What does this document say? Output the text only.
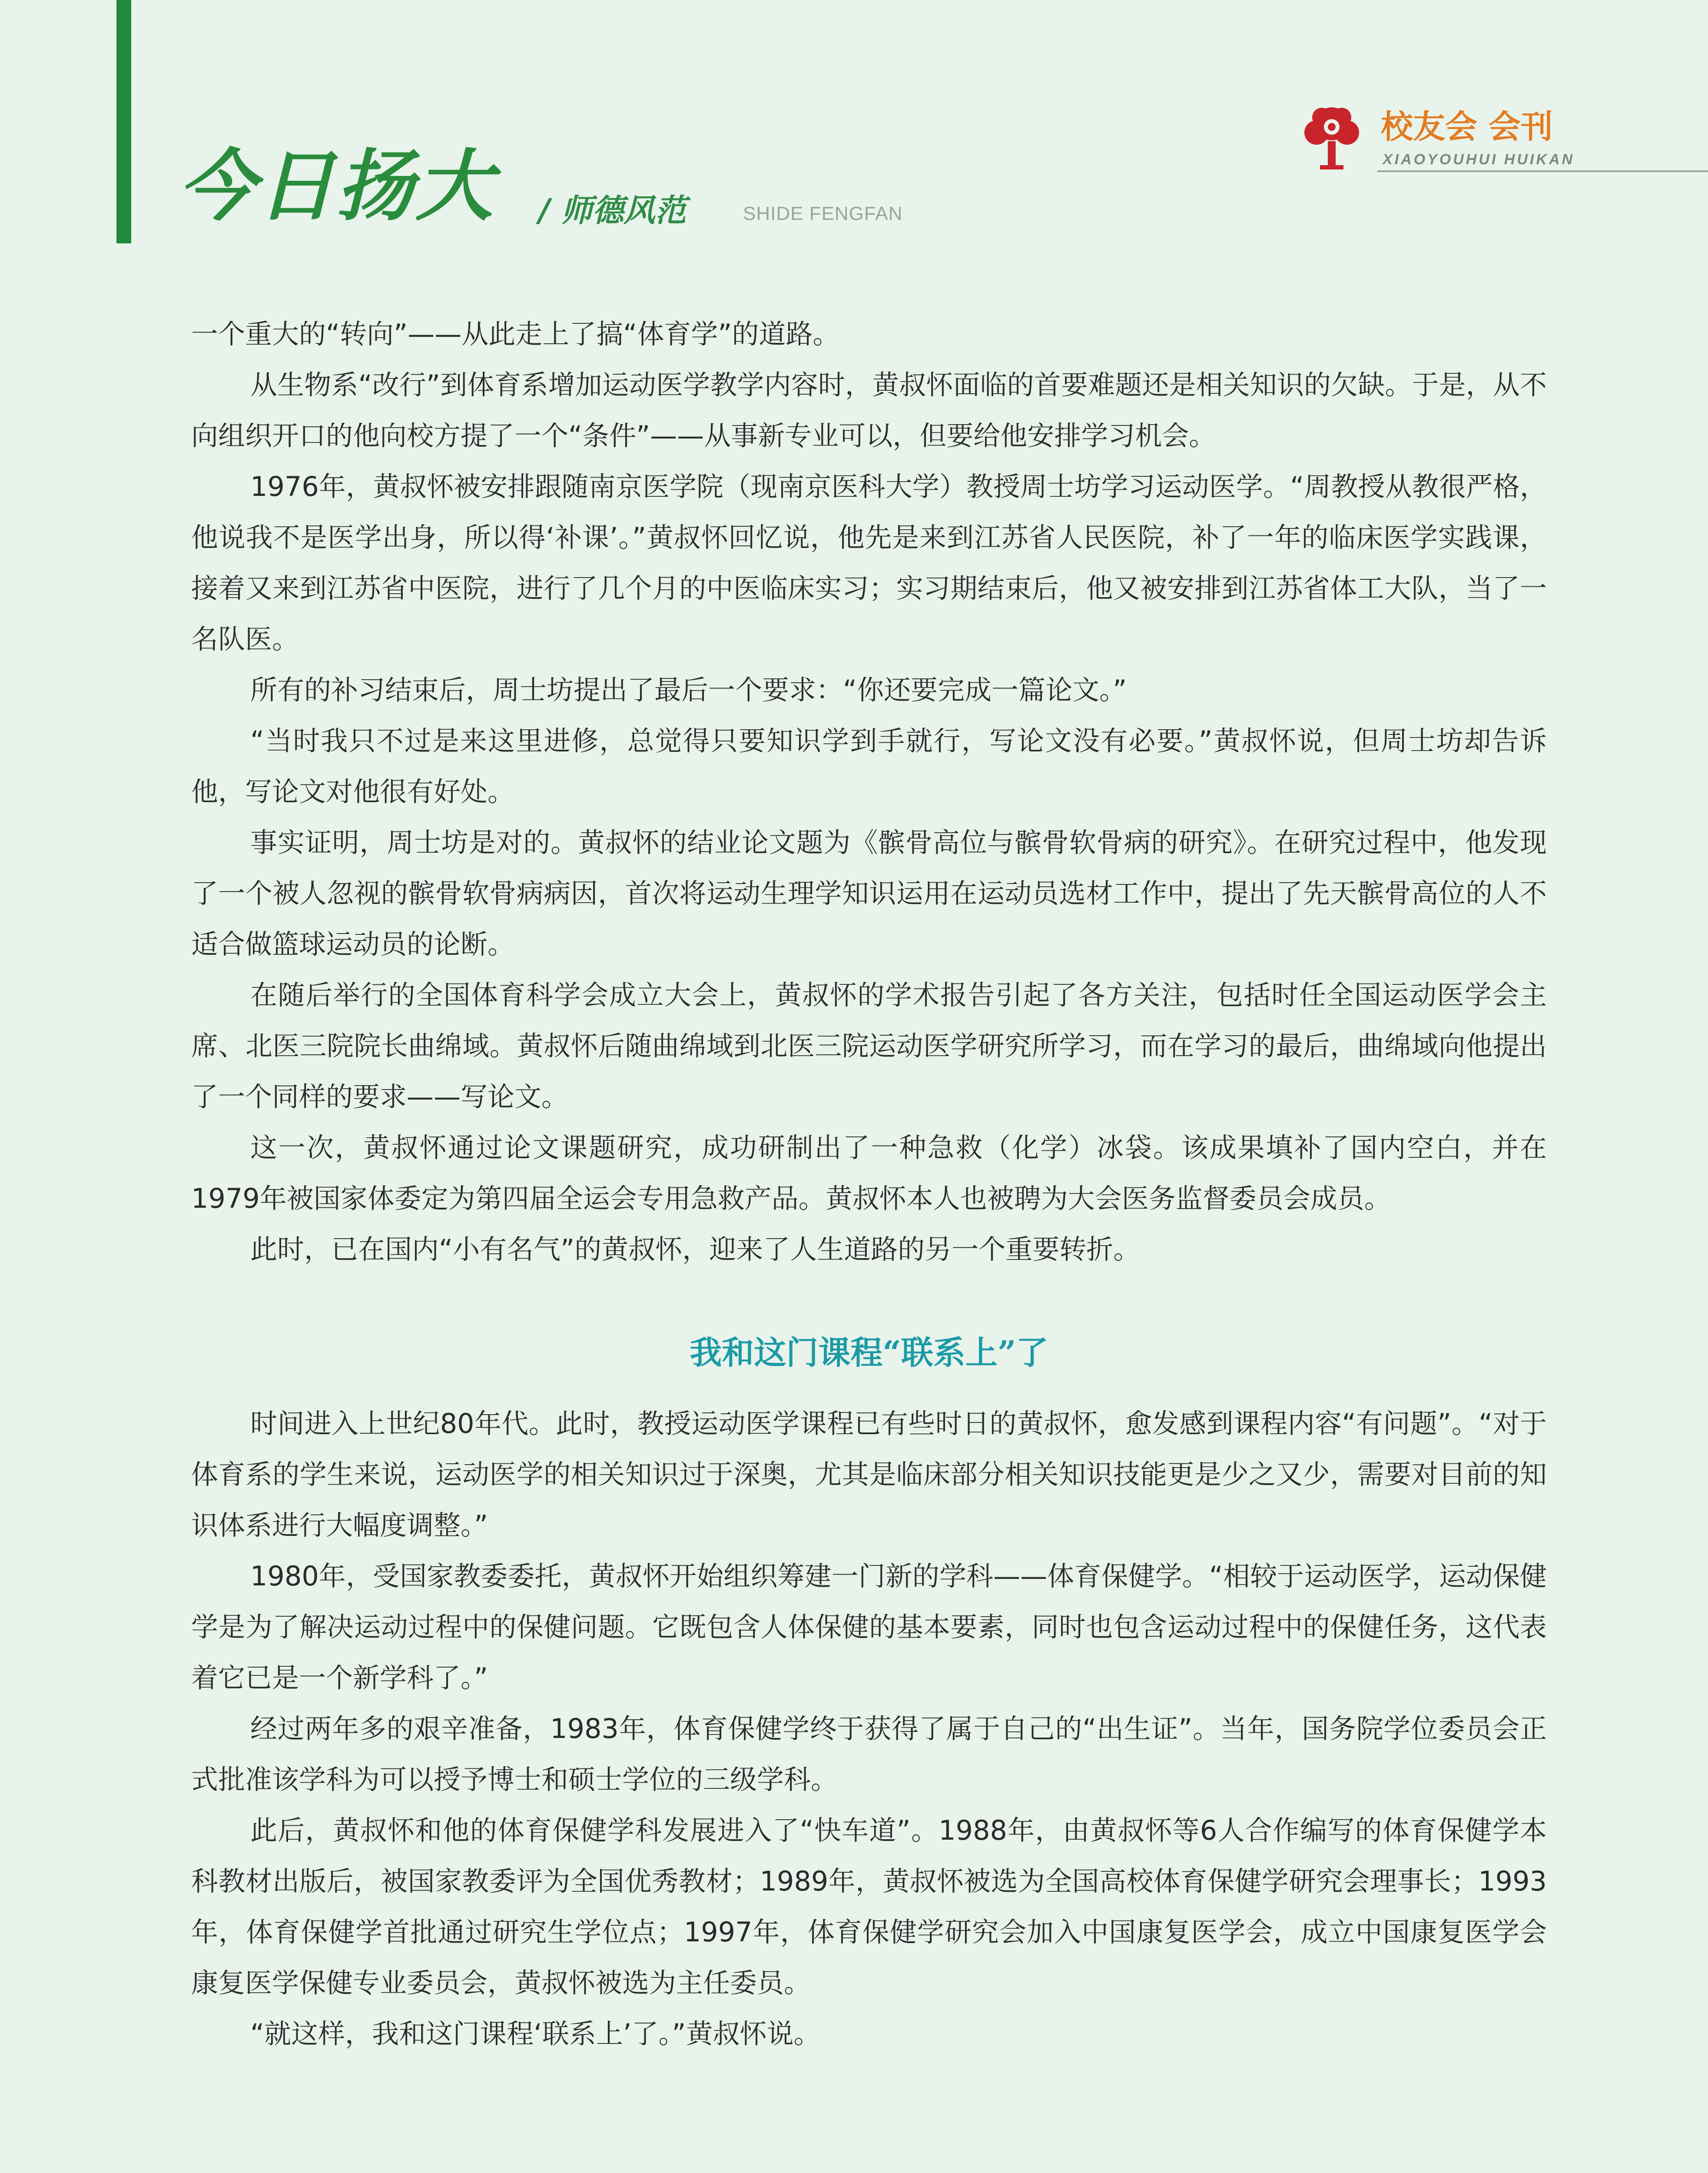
今日扬大 / 师德风范	SHIDE FENGFAN
校友会 会刊
XIAOYOUHUI HUIKAN

一个重大的“转向”——从此走上了搞“体育学”的道路。

从生物系“改行”到体育系增加运动医学教学内容时，黄叔怀面临的首要难题还是相关知识的欠缺。于是，从不向组织开口的他向校方提了一个“条件”——从事新专业可以，但要给他安排学习机会。

1976年，黄叔怀被安排跟随南京医学院（现南京医科大学）教授周士坊学习运动医学。“周教授从教很严格，他说我不是医学出身，所以得‘补课’。”黄叔怀回忆说，他先是来到江苏省人民医院，补了一年的临床医学实践课，接着又来到江苏省中医院，进行了几个月的中医临床实习；实习期结束后，他又被安排到江苏省体工大队，当了一名队医。

所有的补习结束后，周士坊提出了最后一个要求：“你还要完成一篇论文。”

“当时我只不过是来这里进修，总觉得只要知识学到手就行，写论文没有必要。”黄叔怀说，但周士坊却告诉他，写论文对他很有好处。

事实证明，周士坊是对的。黄叔怀的结业论文题为《髌骨高位与髌骨软骨病的研究》。在研究过程中，他发现了一个被人忽视的髌骨软骨病病因，首次将运动生理学知识运用在运动员选材工作中，提出了先天髌骨高位的人不适合做篮球运动员的论断。

在随后举行的全国体育科学会成立大会上，黄叔怀的学术报告引起了各方关注，包括时任全国运动医学会主席、北医三院院长曲绵域。黄叔怀后随曲绵域到北医三院运动医学研究所学习，而在学习的最后，曲绵域向他提出了一个同样的要求——写论文。

这一次，黄叔怀通过论文课题研究，成功研制出了一种急救（化学）冰袋。该成果填补了国内空白，并在1979年被国家体委定为第四届全运会专用急救产品。黄叔怀本人也被聘为大会医务监督委员会成员。

此时，已在国内“小有名气”的黄叔怀，迎来了人生道路的另一个重要转折。

我和这门课程“联系上”了

时间进入上世纪80年代。此时，教授运动医学课程已有些时日的黄叔怀，愈发感到课程内容“有问题”。“对于体育系的学生来说，运动医学的相关知识过于深奥，尤其是临床部分相关知识技能更是少之又少，需要对目前的知识体系进行大幅度调整。”

1980年，受国家教委委托，黄叔怀开始组织筹建一门新的学科——体育保健学。“相较于运动医学，运动保健学是为了解决运动过程中的保健问题。它既包含人体保健的基本要素，同时也包含运动过程中的保健任务，这代表着它已是一个新学科了。”

经过两年多的艰辛准备，1983年，体育保健学终于获得了属于自己的“出生证”。当年，国务院学位委员会正式批准该学科为可以授予博士和硕士学位的三级学科。

此后，黄叔怀和他的体育保健学科发展进入了“快车道”。1988年，由黄叔怀等6人合作编写的体育保健学本科教材出版后，被国家教委评为全国优秀教材；1989年，黄叔怀被选为全国高校体育保健学研究会理事长；1993年，体育保健学首批通过研究生学位点；1997年，体育保健学研究会加入中国康复医学会，成立中国康复医学会康复医学保健专业委员会，黄叔怀被选为主任委员。

“就这样，我和这门课程‘联系上’了。”黄叔怀说。
